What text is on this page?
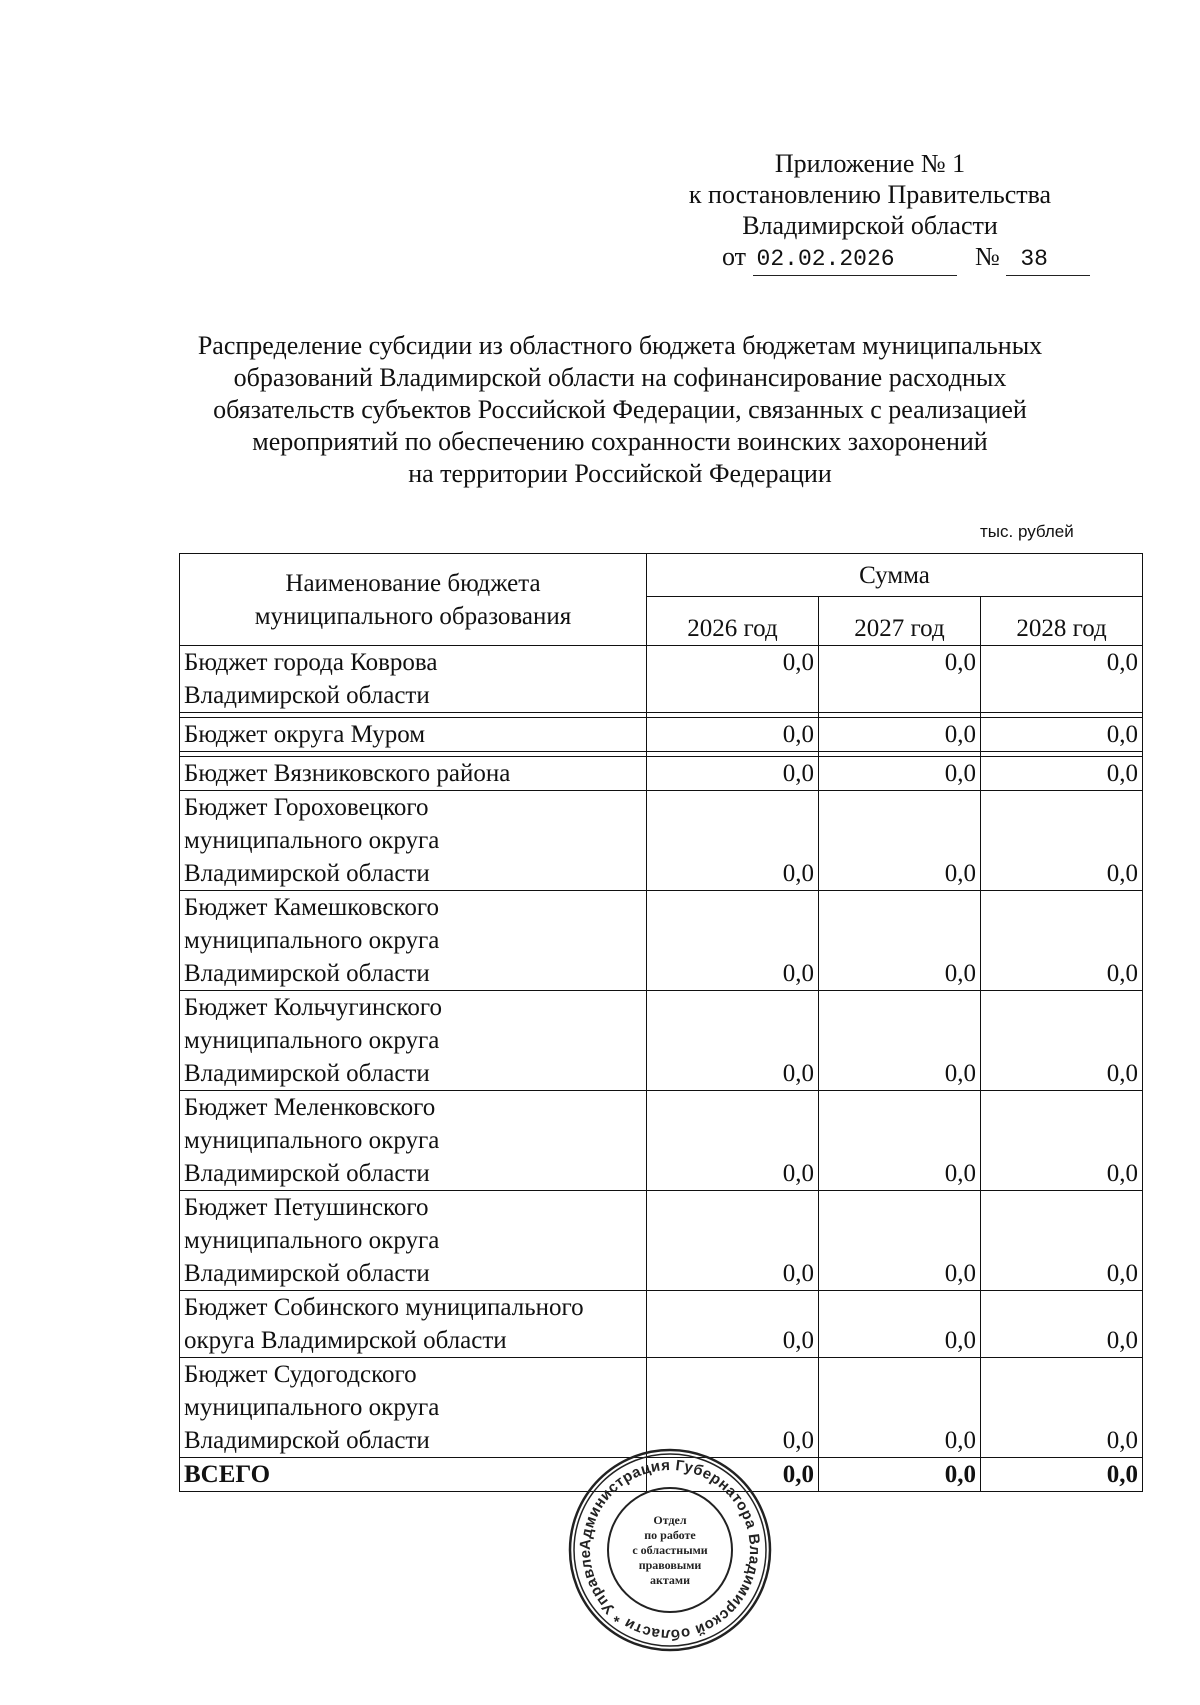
Приложение № 1
к постановлению Правительства
Владимирской области
от 02.02.2026	№ 38
Распределение субсидии из областного бюджета бюджетам муниципальных
образований Владимирской области на софинансирование расходных
обязательств субъектов Российской Федерации, связанных с реализацией
мероприятий по обеспечению сохранности воинских захоронений
на территории Российской Федерации
тыс. рублей
Наименование бюджета
муниципального образования	Сумма		
	2026 год	2027 год	2028 год

Бюджет города Коврова
Владимирской области	0,0	0,0	0,0

Бюджет округа Муром	0,0	0,0	0,0

Бюджет Вязниковского района	0,0	0,0	0,0

Бюджет Гороховецкого
муниципального округа
Владимирской области	0,0	0,0	0,0

Бюджет Камешковского
муниципального округа
Владимирской области	0,0	0,0	0,0

Бюджет Кольчугинского
муниципального округа
Владимирской области	0,0	0,0	0,0

Бюджет Меленковского
муниципального округа
Владимирской области	0,0	0,0	0,0

Бюджет Петушинского
муниципального округа
Владимирской области	0,0	0,0	0,0

Бюджет Собинского муниципального
округа Владимирской области	0,0	0,0	0,0

Бюджет Судогодского
муниципального округа
Владимирской области	0,0	0,0	0,0
ВСЕГО	0,0	0,0	0,0
Администрация Губернатора Владимирской области * Управле
Отдел
по работе
с областными
правовыми
актами
